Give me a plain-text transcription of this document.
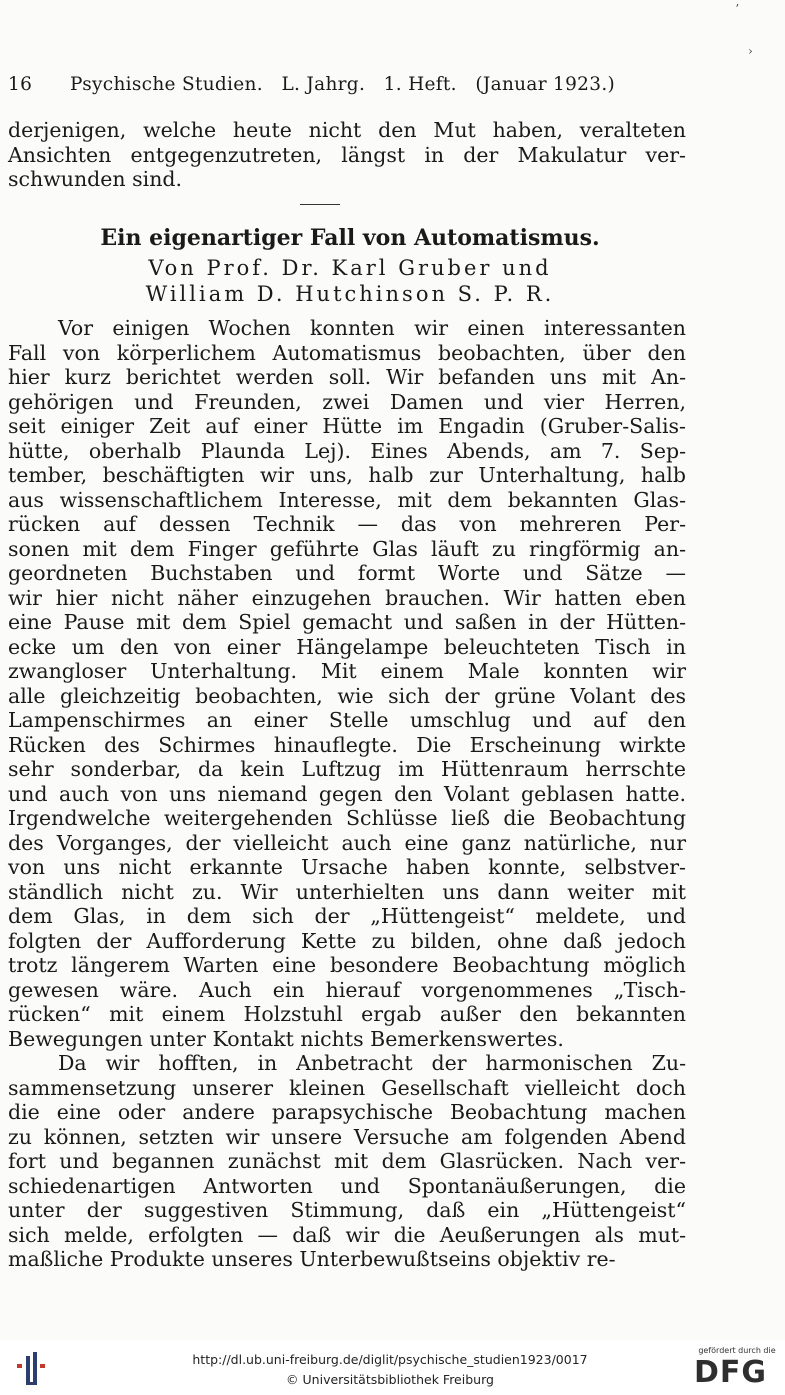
ʼ
›
16 Psychische Studien.   L. Jahrg.   1. Heft.   (Januar 1923.)
derjenigen, welche heute nicht den Mut haben, veralteten
Ansichten entgegenzutreten, längst in der Makulatur ver-
schwunden sind.
Ein eigenartiger Fall von Automatismus.
Von Prof. Dr. Karl Gruber und
William D. Hutchinson S. P. R.
Vor einigen Wochen konnten wir einen interessanten
Fall von körperlichem Automatismus beobachten, über den
hier kurz berichtet werden soll. Wir befanden uns mit An-
gehörigen und Freunden, zwei Damen und vier Herren,
seit einiger Zeit auf einer Hütte im Engadin (Gruber-Salis-
hütte, oberhalb Plaunda Lej). Eines Abends, am 7. Sep-
tember, beschäftigten wir uns, halb zur Unterhaltung, halb
aus wissenschaftlichem Interesse, mit dem bekannten Glas-
rücken auf dessen Technik — das von mehreren Per-
sonen mit dem Finger geführte Glas läuft zu ringförmig an-
geordneten Buchstaben und formt Worte und Sätze —
wir hier nicht näher einzugehen brauchen. Wir hatten eben
eine Pause mit dem Spiel gemacht und saßen in der Hütten-
ecke um den von einer Hängelampe beleuchteten Tisch in
zwangloser Unterhaltung. Mit einem Male konnten wir
alle gleichzeitig beobachten, wie sich der grüne Volant des
Lampenschirmes an einer Stelle umschlug und auf den
Rücken des Schirmes hinauflegte. Die Erscheinung wirkte
sehr sonderbar, da kein Luftzug im Hüttenraum herrschte
und auch von uns niemand gegen den Volant geblasen hatte.
Irgendwelche weitergehenden Schlüsse ließ die Beobachtung
des Vorganges, der vielleicht auch eine ganz natürliche, nur
von uns nicht erkannte Ursache haben konnte, selbstver-
ständlich nicht zu. Wir unterhielten uns dann weiter mit
dem Glas, in dem sich der „Hüttengeist“ meldete, und
folgten der Aufforderung Kette zu bilden, ohne daß jedoch
trotz längerem Warten eine besondere Beobachtung möglich
gewesen wäre. Auch ein hierauf vorgenommenes „Tisch-
rücken“ mit einem Holzstuhl ergab außer den bekannten
Bewegungen unter Kontakt nichts Bemerkenswertes.
Da wir hofften, in Anbetracht der harmonischen Zu-
sammensetzung unserer kleinen Gesellschaft vielleicht doch
die eine oder andere parapsychische Beobachtung machen
zu können, setzten wir unsere Versuche am folgenden Abend
fort und begannen zunächst mit dem Glasrücken. Nach ver-
schiedenartigen Antworten und Spontanäußerungen, die
unter der suggestiven Stimmung, daß ein „Hüttengeist“
sich melde, erfolgten — daß wir die Aeußerungen als mut-
maßliche Produkte unseres Unterbewußtseins objektiv re-
http://dl.ub.uni-freiburg.de/diglit/psychische_studien1923/0017
© Universitätsbibliothek Freiburg
gefördert durch die
DFG
